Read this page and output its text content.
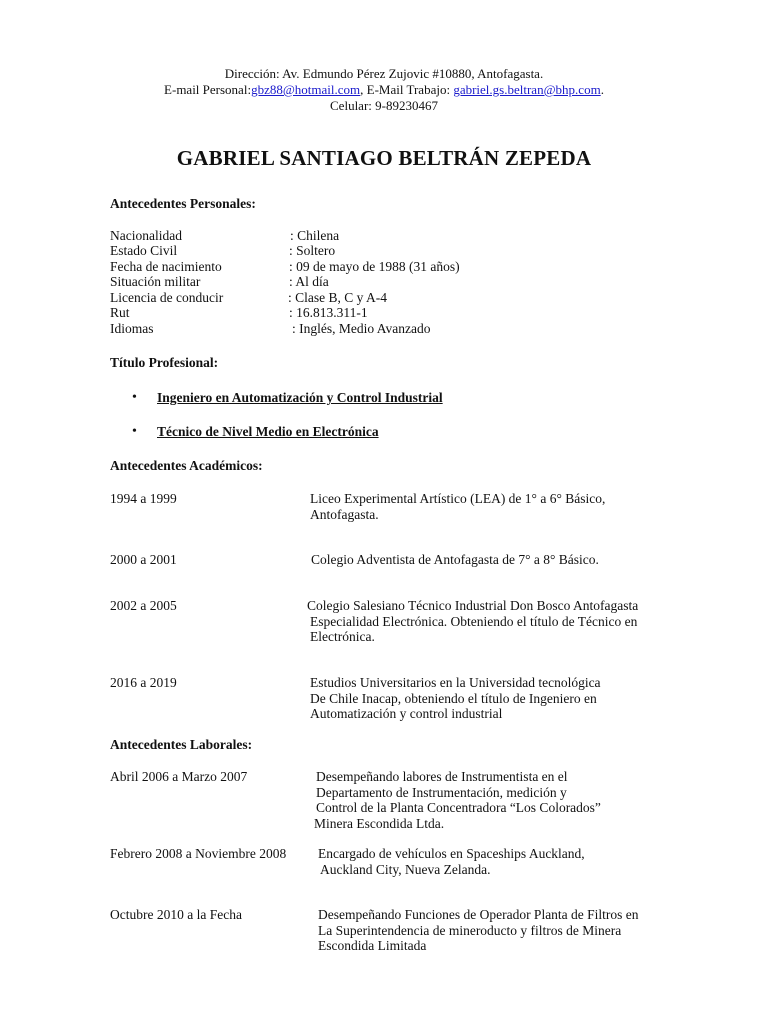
Dirección: Av. Edmundo Pérez Zujovic #10880, Antofagasta.
E-mail Personal:gbz88@hotmail.com, E-Mail Trabajo: gabriel.gs.beltran@bhp.com.
Celular: 9-89230467
GABRIEL SANTIAGO BELTRÁN ZEPEDA
Antecedentes Personales:
Nacionalidad	: Chilena
Estado Civil	: Soltero
Fecha de nacimiento	: 09 de mayo de 1988 (31 años)
Situación militar	: Al día
Licencia de conducir	: Clase B, C y A-4
Rut	: 16.813.311-1
Idiomas	: Inglés, Medio Avanzado
Título Profesional:
• Ingeniero en Automatización y Control Industrial
• Técnico de Nivel Medio en Electrónica
Antecedentes Académicos:
1994 a 1999	Liceo Experimental Artístico (LEA) de 1° a 6° Básico,
Antofagasta.
2000 a 2001	Colegio Adventista de Antofagasta de 7° a 8° Básico.
2002 a 2005	Colegio Salesiano Técnico Industrial Don Bosco Antofagasta
Especialidad Electrónica. Obteniendo el título de Técnico en
Electrónica.
2016 a 2019	Estudios Universitarios en la Universidad tecnológica
De Chile Inacap, obteniendo el título de Ingeniero en
Automatización y control industrial
Antecedentes Laborales:
Abril 2006 a Marzo 2007	Desempeñando labores de Instrumentista en el
Departamento de Instrumentación, medición y
Control de la Planta Concentradora “Los Colorados”
Minera Escondida Ltda.
Febrero 2008 a Noviembre 2008 Encargado de vehículos en Spaceships Auckland,
Auckland City, Nueva Zelanda.
Octubre 2010 a la Fecha	Desempeñando Funciones de Operador Planta de Filtros en
La Superintendencia de mineroducto y filtros de Minera
Escondida Limitada
